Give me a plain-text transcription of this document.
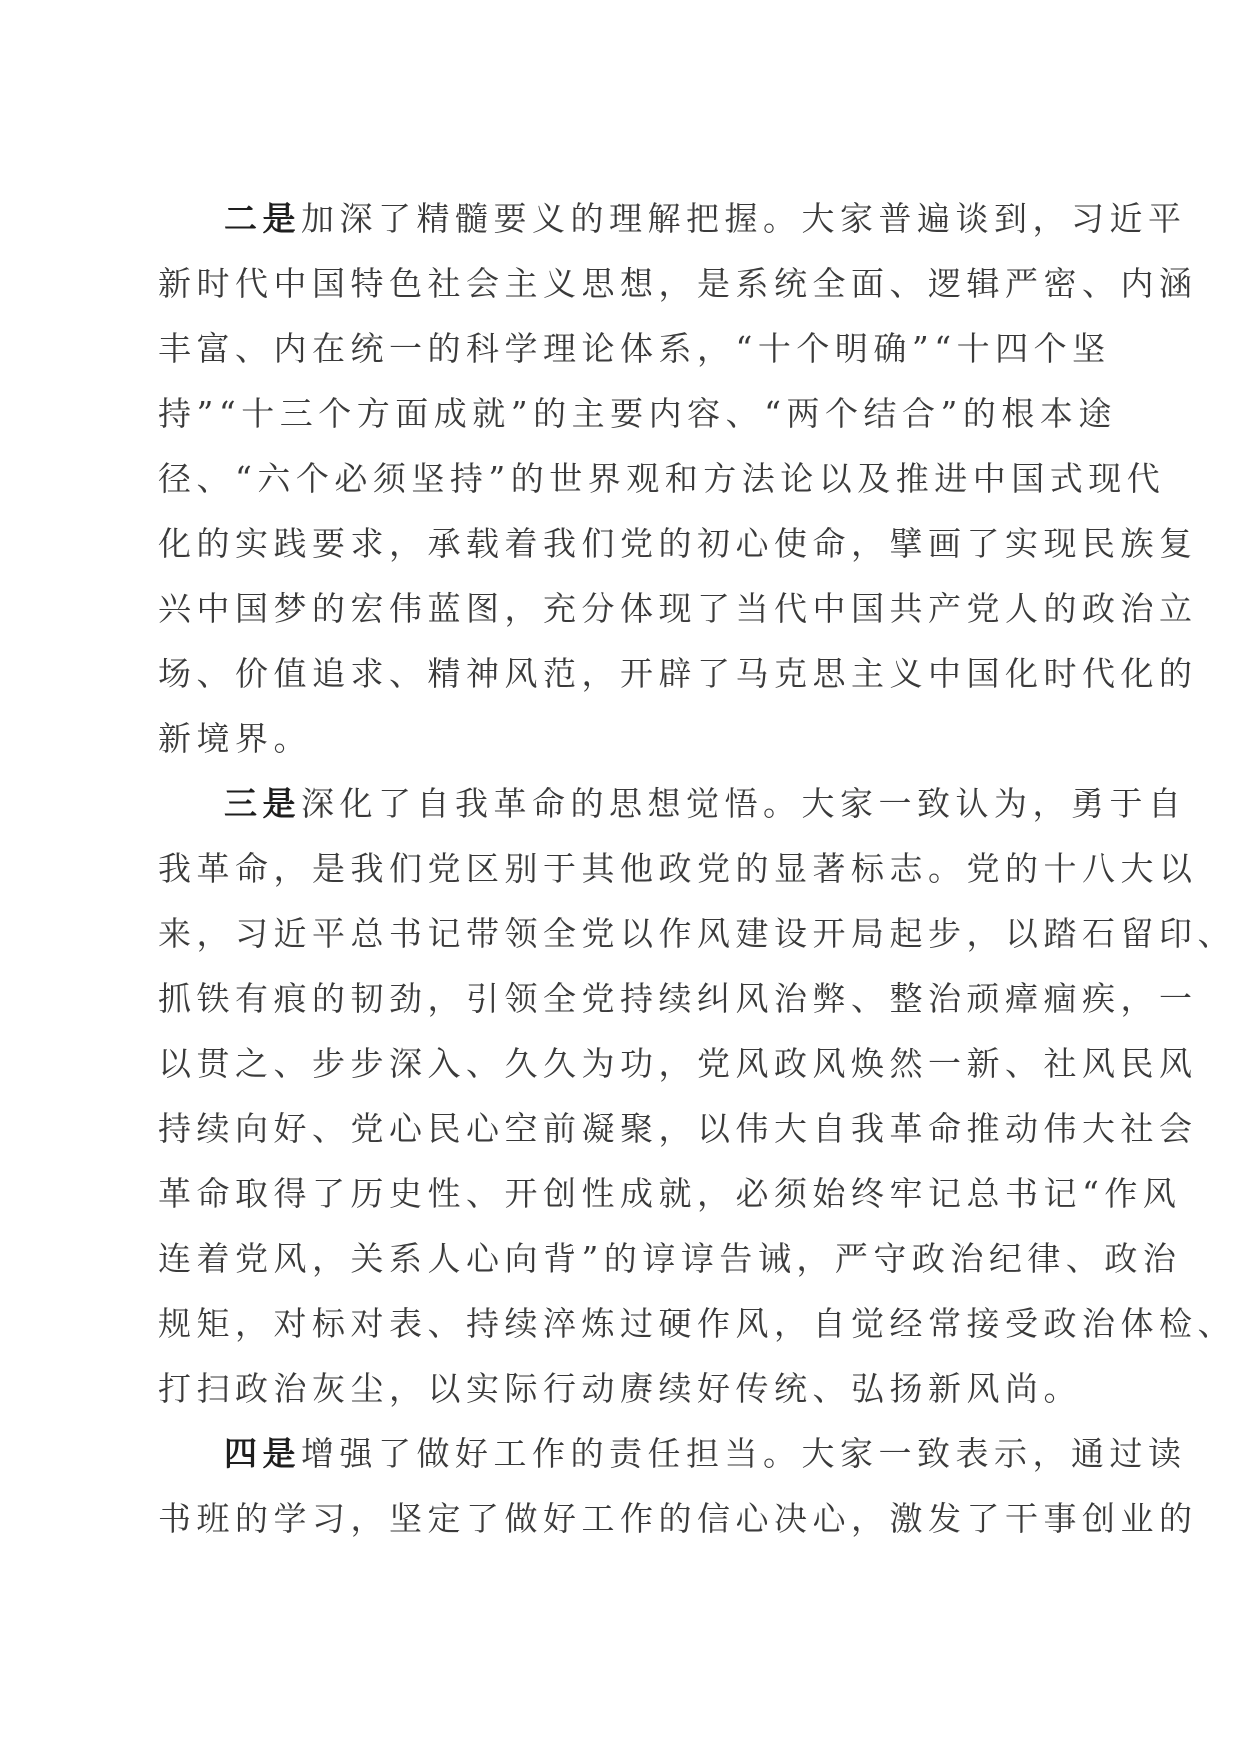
二是加深了精髓要义的理解把握。大家普遍谈到，习近平
新时代中国特色社会主义思想，是系统全面、逻辑严密、内涵
丰富、内在统一的科学理论体系，“十个明确”“十四个坚
持”“十三个方面成就”的主要内容、“两个结合”的根本途
径、“六个必须坚持”的世界观和方法论以及推进中国式现代
化的实践要求，承载着我们党的初心使命，擘画了实现民族复
兴中国梦的宏伟蓝图，充分体现了当代中国共产党人的政治立
场、价值追求、精神风范，开辟了马克思主义中国化时代化的
新境界。
三是深化了自我革命的思想觉悟。大家一致认为，勇于自
我革命，是我们党区别于其他政党的显著标志。党的十八大以
来，习近平总书记带领全党以作风建设开局起步，以踏石留印、
抓铁有痕的韧劲，引领全党持续纠风治弊、整治顽瘴痼疾，一
以贯之、步步深入、久久为功，党风政风焕然一新、社风民风
持续向好、党心民心空前凝聚，以伟大自我革命推动伟大社会
革命取得了历史性、开创性成就，必须始终牢记总书记“作风
连着党风，关系人心向背”的谆谆告诫，严守政治纪律、政治
规矩，对标对表、持续淬炼过硬作风，自觉经常接受政治体检、
打扫政治灰尘，以实际行动赓续好传统、弘扬新风尚。
四是增强了做好工作的责任担当。大家一致表示，通过读
书班的学习，坚定了做好工作的信心决心，激发了干事创业的
